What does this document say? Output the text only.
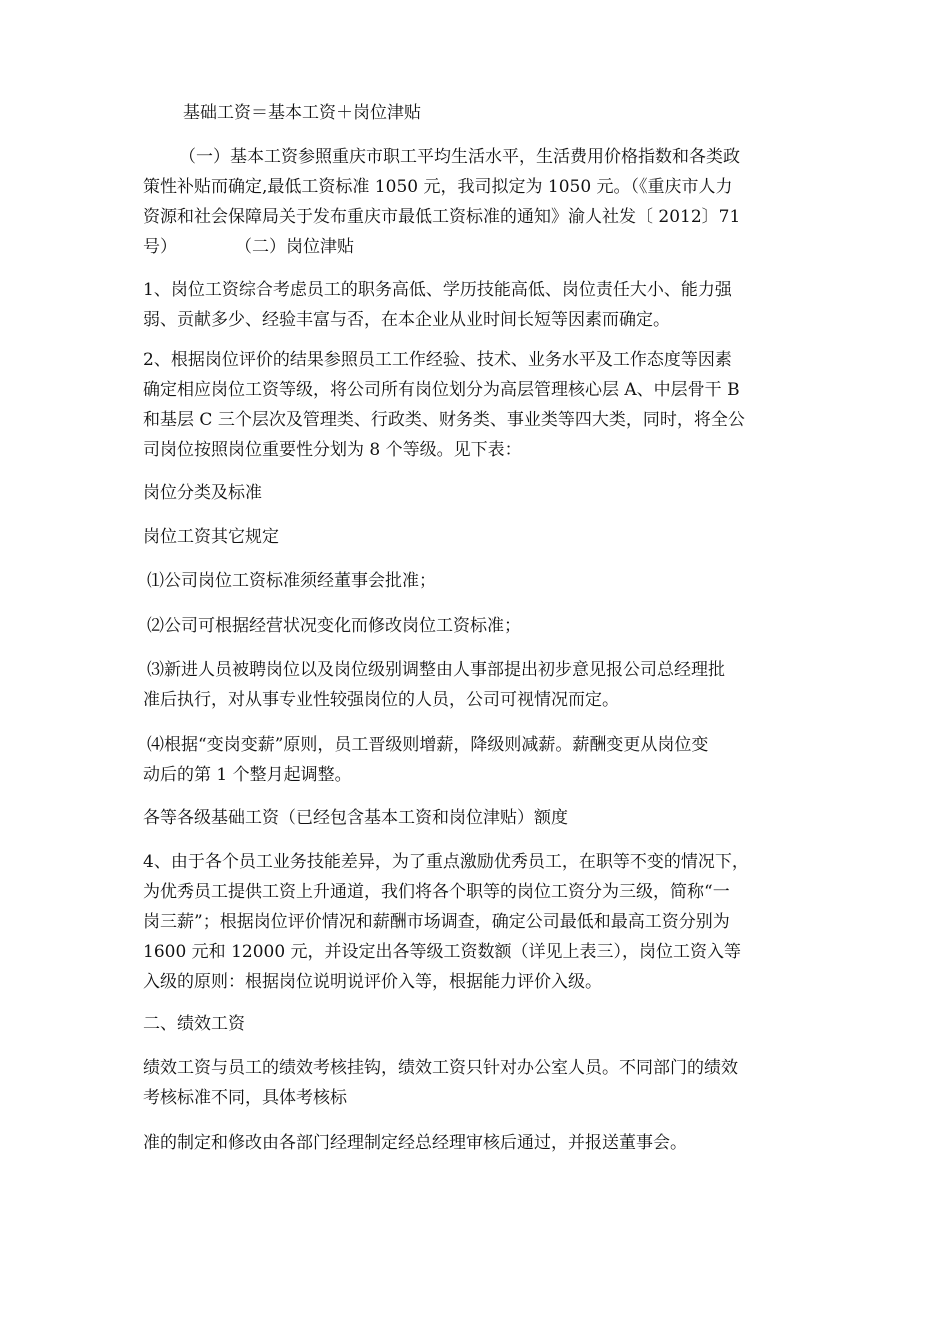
基础工资＝基本工资＋岗位津贴
（一）基本工资参照重庆市职工平均生活水平，生活费用价格指数和各类政
策性补贴而确定,最低工资标准 1050 元，我司拟定为 1050 元。（《重庆市人力
资源和社会保障局关于发布重庆市最低工资标准的通知》渝人社发〔 2012〕71
号）	（二）岗位津贴
1、岗位工资综合考虑员工的职务高低、学历技能高低、岗位责任大小、能力强
弱、贡献多少、经验丰富与否，在本企业从业时间长短等因素而确定。
2、根据岗位评价的结果参照员工工作经验、技术、业务水平及工作态度等因素
确定相应岗位工资等级，将公司所有岗位划分为高层管理核心层 A、中层骨干 B
和基层 C 三个层次及管理类、行政类、财务类、事业类等四大类，同时，将全公
司岗位按照岗位重要性分划为 8 个等级。见下表：
岗位分类及标准
岗位工资其它规定
⑴公司岗位工资标准须经董事会批准；
⑵公司可根据经营状况变化而修改岗位工资标准；
⑶新进人员被聘岗位以及岗位级别调整由人事部提出初步意见报公司总经理批
准后执行，对从事专业性较强岗位的人员，公司可视情况而定。
⑷根据“变岗变薪”原则，员工晋级则增薪，降级则减薪。薪酬变更从岗位变
动后的第 1 个整月起调整。
各等各级基础工资（已经包含基本工资和岗位津贴）额度
4、由于各个员工业务技能差异，为了重点激励优秀员工，在职等不变的情况下，
为优秀员工提供工资上升通道，我们将各个职等的岗位工资分为三级，简称“一
岗三薪”；根据岗位评价情况和薪酬市场调查，确定公司最低和最高工资分别为
1600 元和 12000 元，并设定出各等级工资数额（详见上表三），岗位工资入等
入级的原则：根据岗位说明说评价入等，根据能力评价入级。
二、绩效工资
绩效工资与员工的绩效考核挂钩，绩效工资只针对办公室人员。不同部门的绩效
考核标准不同，具体考核标
准的制定和修改由各部门经理制定经总经理审核后通过，并报送董事会。
